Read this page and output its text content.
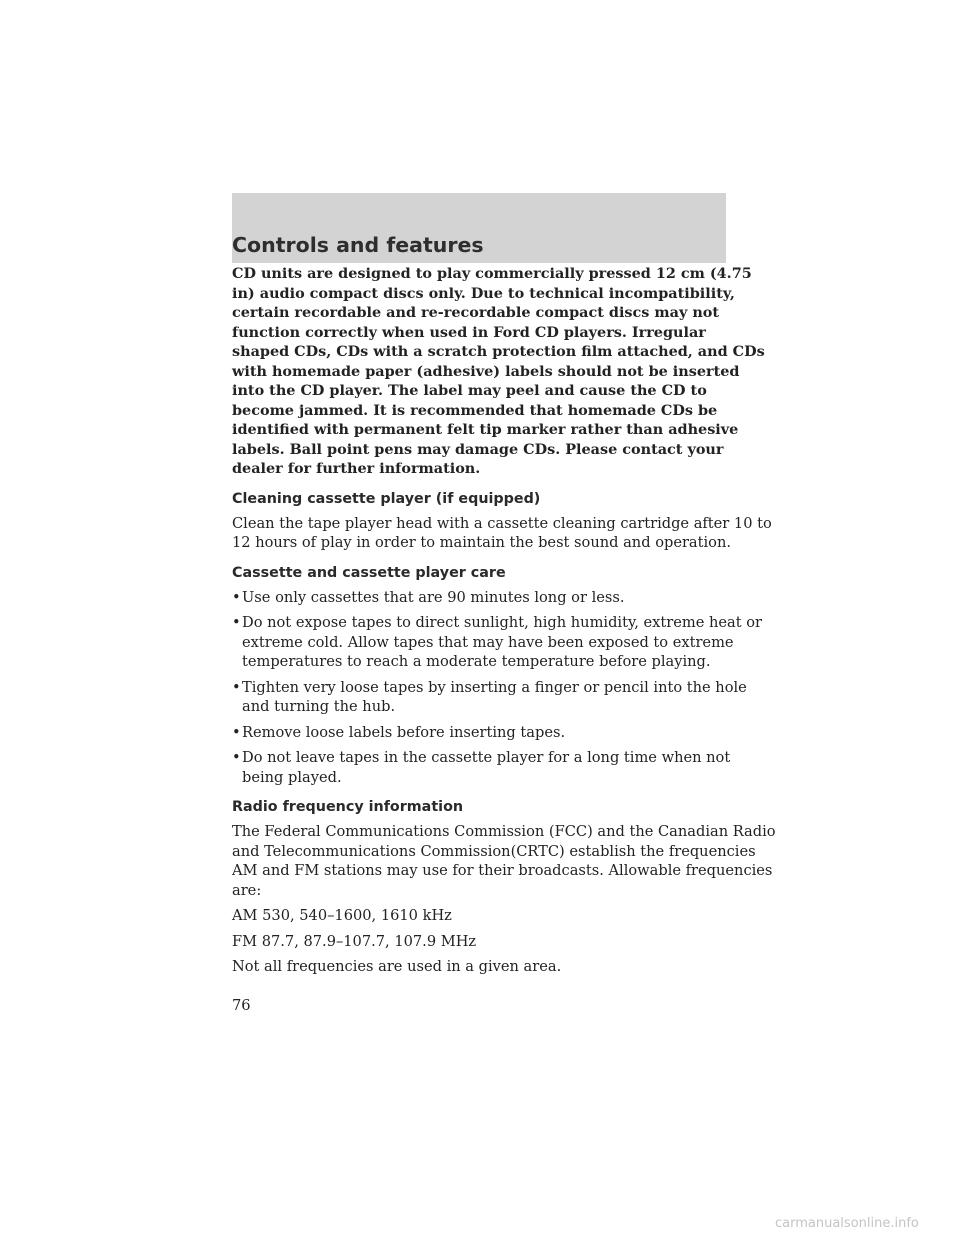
Controls and features

CD units are designed to play commercially pressed 12 cm (4.75
in) audio compact discs only. Due to technical incompatibility,
certain recordable and re-recordable compact discs may not
function correctly when used in Ford CD players. Irregular
shaped CDs, CDs with a scratch protection film attached, and CDs
with homemade paper (adhesive) labels should not be inserted
into the CD player. The label may peel and cause the CD to
become jammed. It is recommended that homemade CDs be
identified with permanent felt tip marker rather than adhesive
labels. Ball point pens may damage CDs. Please contact your
dealer for further information.

Cleaning cassette player (if equipped)

Clean the tape player head with a cassette cleaning cartridge after 10 to
12 hours of play in order to maintain the best sound and operation.

Cassette and cassette player care
• Use only cassettes that are 90 minutes long or less.
• Do not expose tapes to direct sunlight, high humidity, extreme heat or
extreme cold. Allow tapes that may have been exposed to extreme
temperatures to reach a moderate temperature before playing.
• Tighten very loose tapes by inserting a finger or pencil into the hole
and turning the hub.
• Remove loose labels before inserting tapes.
• Do not leave tapes in the cassette player for a long time when not
being played.
Radio frequency information

The Federal Communications Commission (FCC) and the Canadian Radio
and Telecommunications Commission(CRTC) establish the frequencies
AM and FM stations may use for their broadcasts. Allowable frequencies
are:

AM 530, 540–1600, 1610 kHz

FM 87.7, 87.9–107.7, 107.9 MHz

Not all frequencies are used in a given area.

76

carmanualsonline.info
